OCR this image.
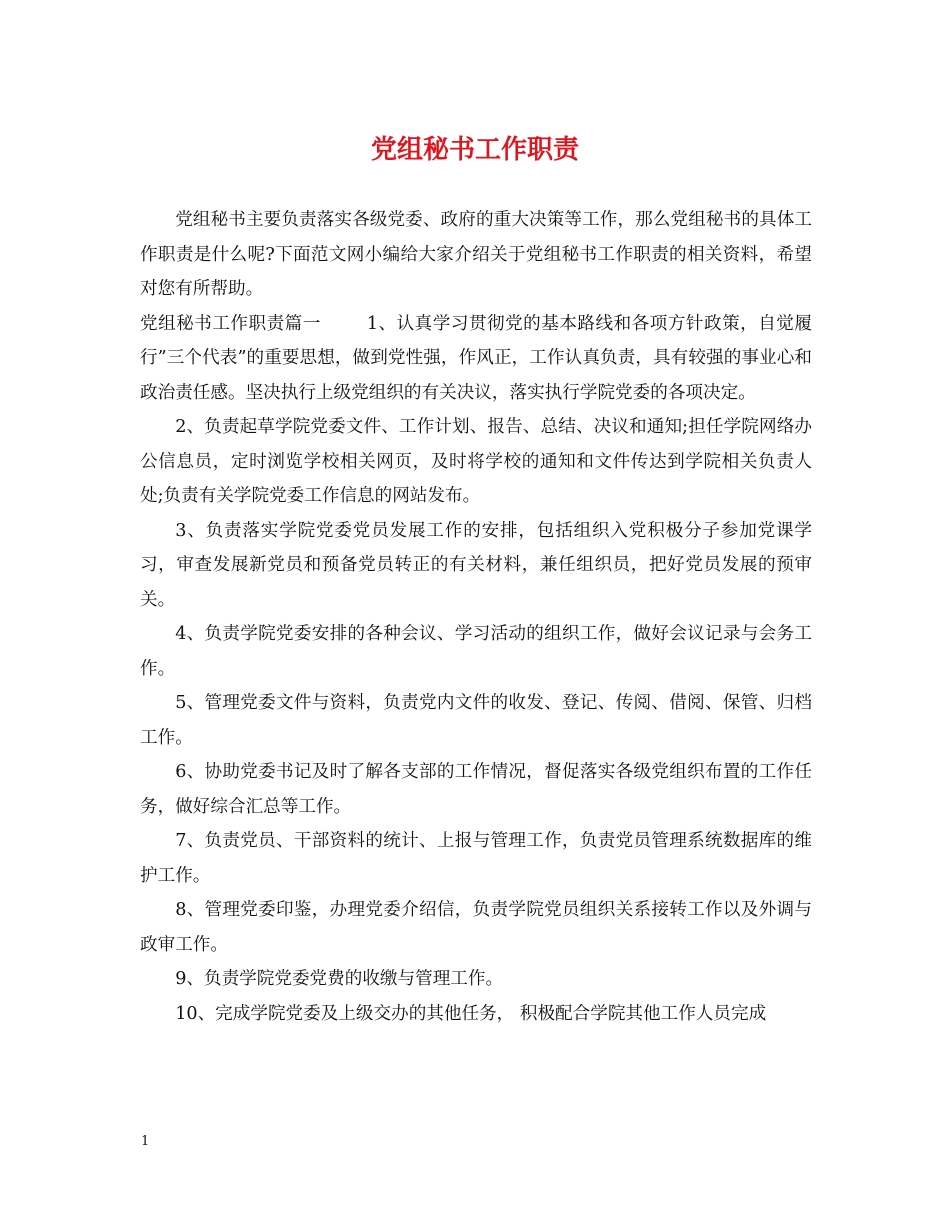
党组秘书工作职责

党组秘书主要负责落实各级党委、政府的重大决策等工作，那么党组秘书的具体工作职责是什么呢?下面范文网小编给大家介绍关于党组秘书工作职责的相关资料，希望对您有所帮助。

党组秘书工作职责篇一	1、认真学习贯彻党的基本路线和各项方针政策，自觉履行”三个代表”的重要思想，做到党性强，作风正，工作认真负责，具有较强的事业心和政治责任感。坚决执行上级党组织的有关决议，落实执行学院党委的各项决定。

2、负责起草学院党委文件、工作计划、报告、总结、决议和通知;担任学院网络办公信息员，定时浏览学校相关网页，及时将学校的通知和文件传达到学院相关负责人处;负责有关学院党委工作信息的网站发布。

3、负责落实学院党委党员发展工作的安排，包括组织入党积极分子参加党课学习，审查发展新党员和预备党员转正的有关材料，兼任组织员，把好党员发展的预审关。

4、负责学院党委安排的各种会议、学习活动的组织工作，做好会议记录与会务工作。

5、管理党委文件与资料，负责党内文件的收发、登记、传阅、借阅、保管、归档工作。

6、协助党委书记及时了解各支部的工作情况，督促落实各级党组织布置的工作任务，做好综合汇总等工作。

7、负责党员、干部资料的统计、上报与管理工作，负责党员管理系统数据库的维护工作。

8、管理党委印鉴，办理党委介绍信，负责学院党员组织关系接转工作以及外调与政审工作。

9、负责学院党委党费的收缴与管理工作。

10、完成学院党委及上级交办的其他任务， 积极配合学院其他工作人员完成

1
